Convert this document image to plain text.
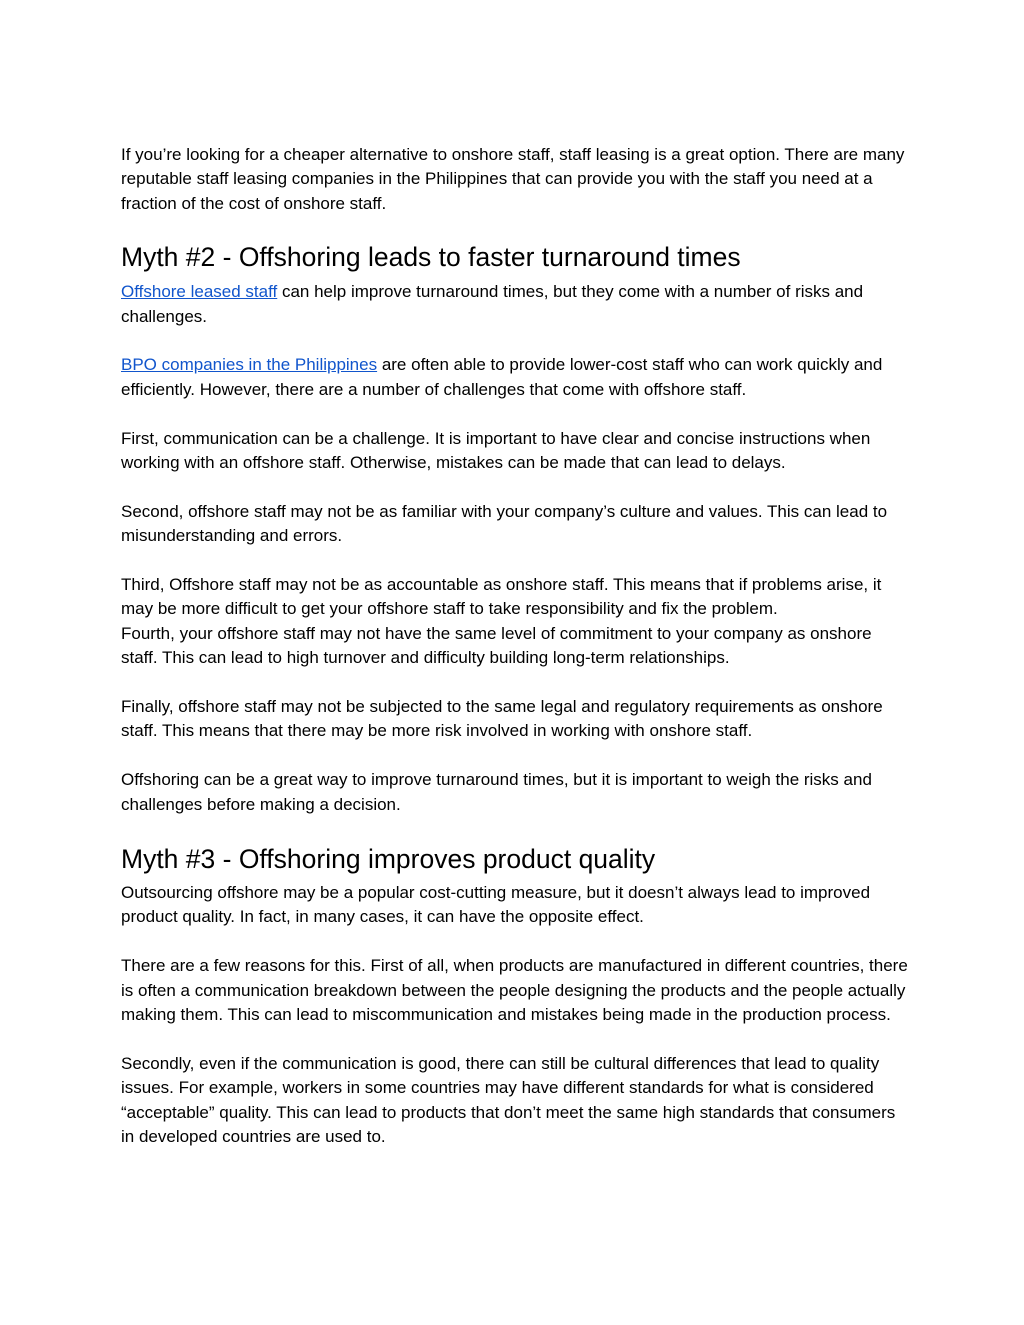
If you’re looking for a cheaper alternative to onshore staff, staff leasing is a great option. There are many reputable staff leasing companies in the Philippines that can provide you with the staff you need at a fraction of the cost of onshore staff.

Myth #2 - Offshoring leads to faster turnaround times

Offshore leased staff can help improve turnaround times, but they come with a number of risks and challenges.

BPO companies in the Philippines are often able to provide lower-cost staff who can work quickly and efficiently. However, there are a number of challenges that come with offshore staff.

First, communication can be a challenge. It is important to have clear and concise instructions when working with an offshore staff. Otherwise, mistakes can be made that can lead to delays.

Second, offshore staff may not be as familiar with your company’s culture and values. This can lead to misunderstanding and errors.

Third, Offshore staff may not be as accountable as onshore staff. This means that if problems arise, it may be more difficult to get your offshore staff to take responsibility and fix the problem.

Fourth, your offshore staff may not have the same level of commitment to your company as onshore staff. This can lead to high turnover and difficulty building long-term relationships.

Finally, offshore staff may not be subjected to the same legal and regulatory requirements as onshore staff. This means that there may be more risk involved in working with onshore staff.

Offshoring can be a great way to improve turnaround times, but it is important to weigh the risks and challenges before making a decision.

Myth #3 - Offshoring improves product quality

Outsourcing offshore may be a popular cost-cutting measure, but it doesn’t always lead to improved product quality. In fact, in many cases, it can have the opposite effect.

There are a few reasons for this. First of all, when products are manufactured in different countries, there is often a communication breakdown between the people designing the products and the people actually making them. This can lead to miscommunication and mistakes being made in the production process.

Secondly, even if the communication is good, there can still be cultural differences that lead to quality issues. For example, workers in some countries may have different standards for what is considered “acceptable” quality. This can lead to products that don’t meet the same high standards that consumers in developed countries are used to.
